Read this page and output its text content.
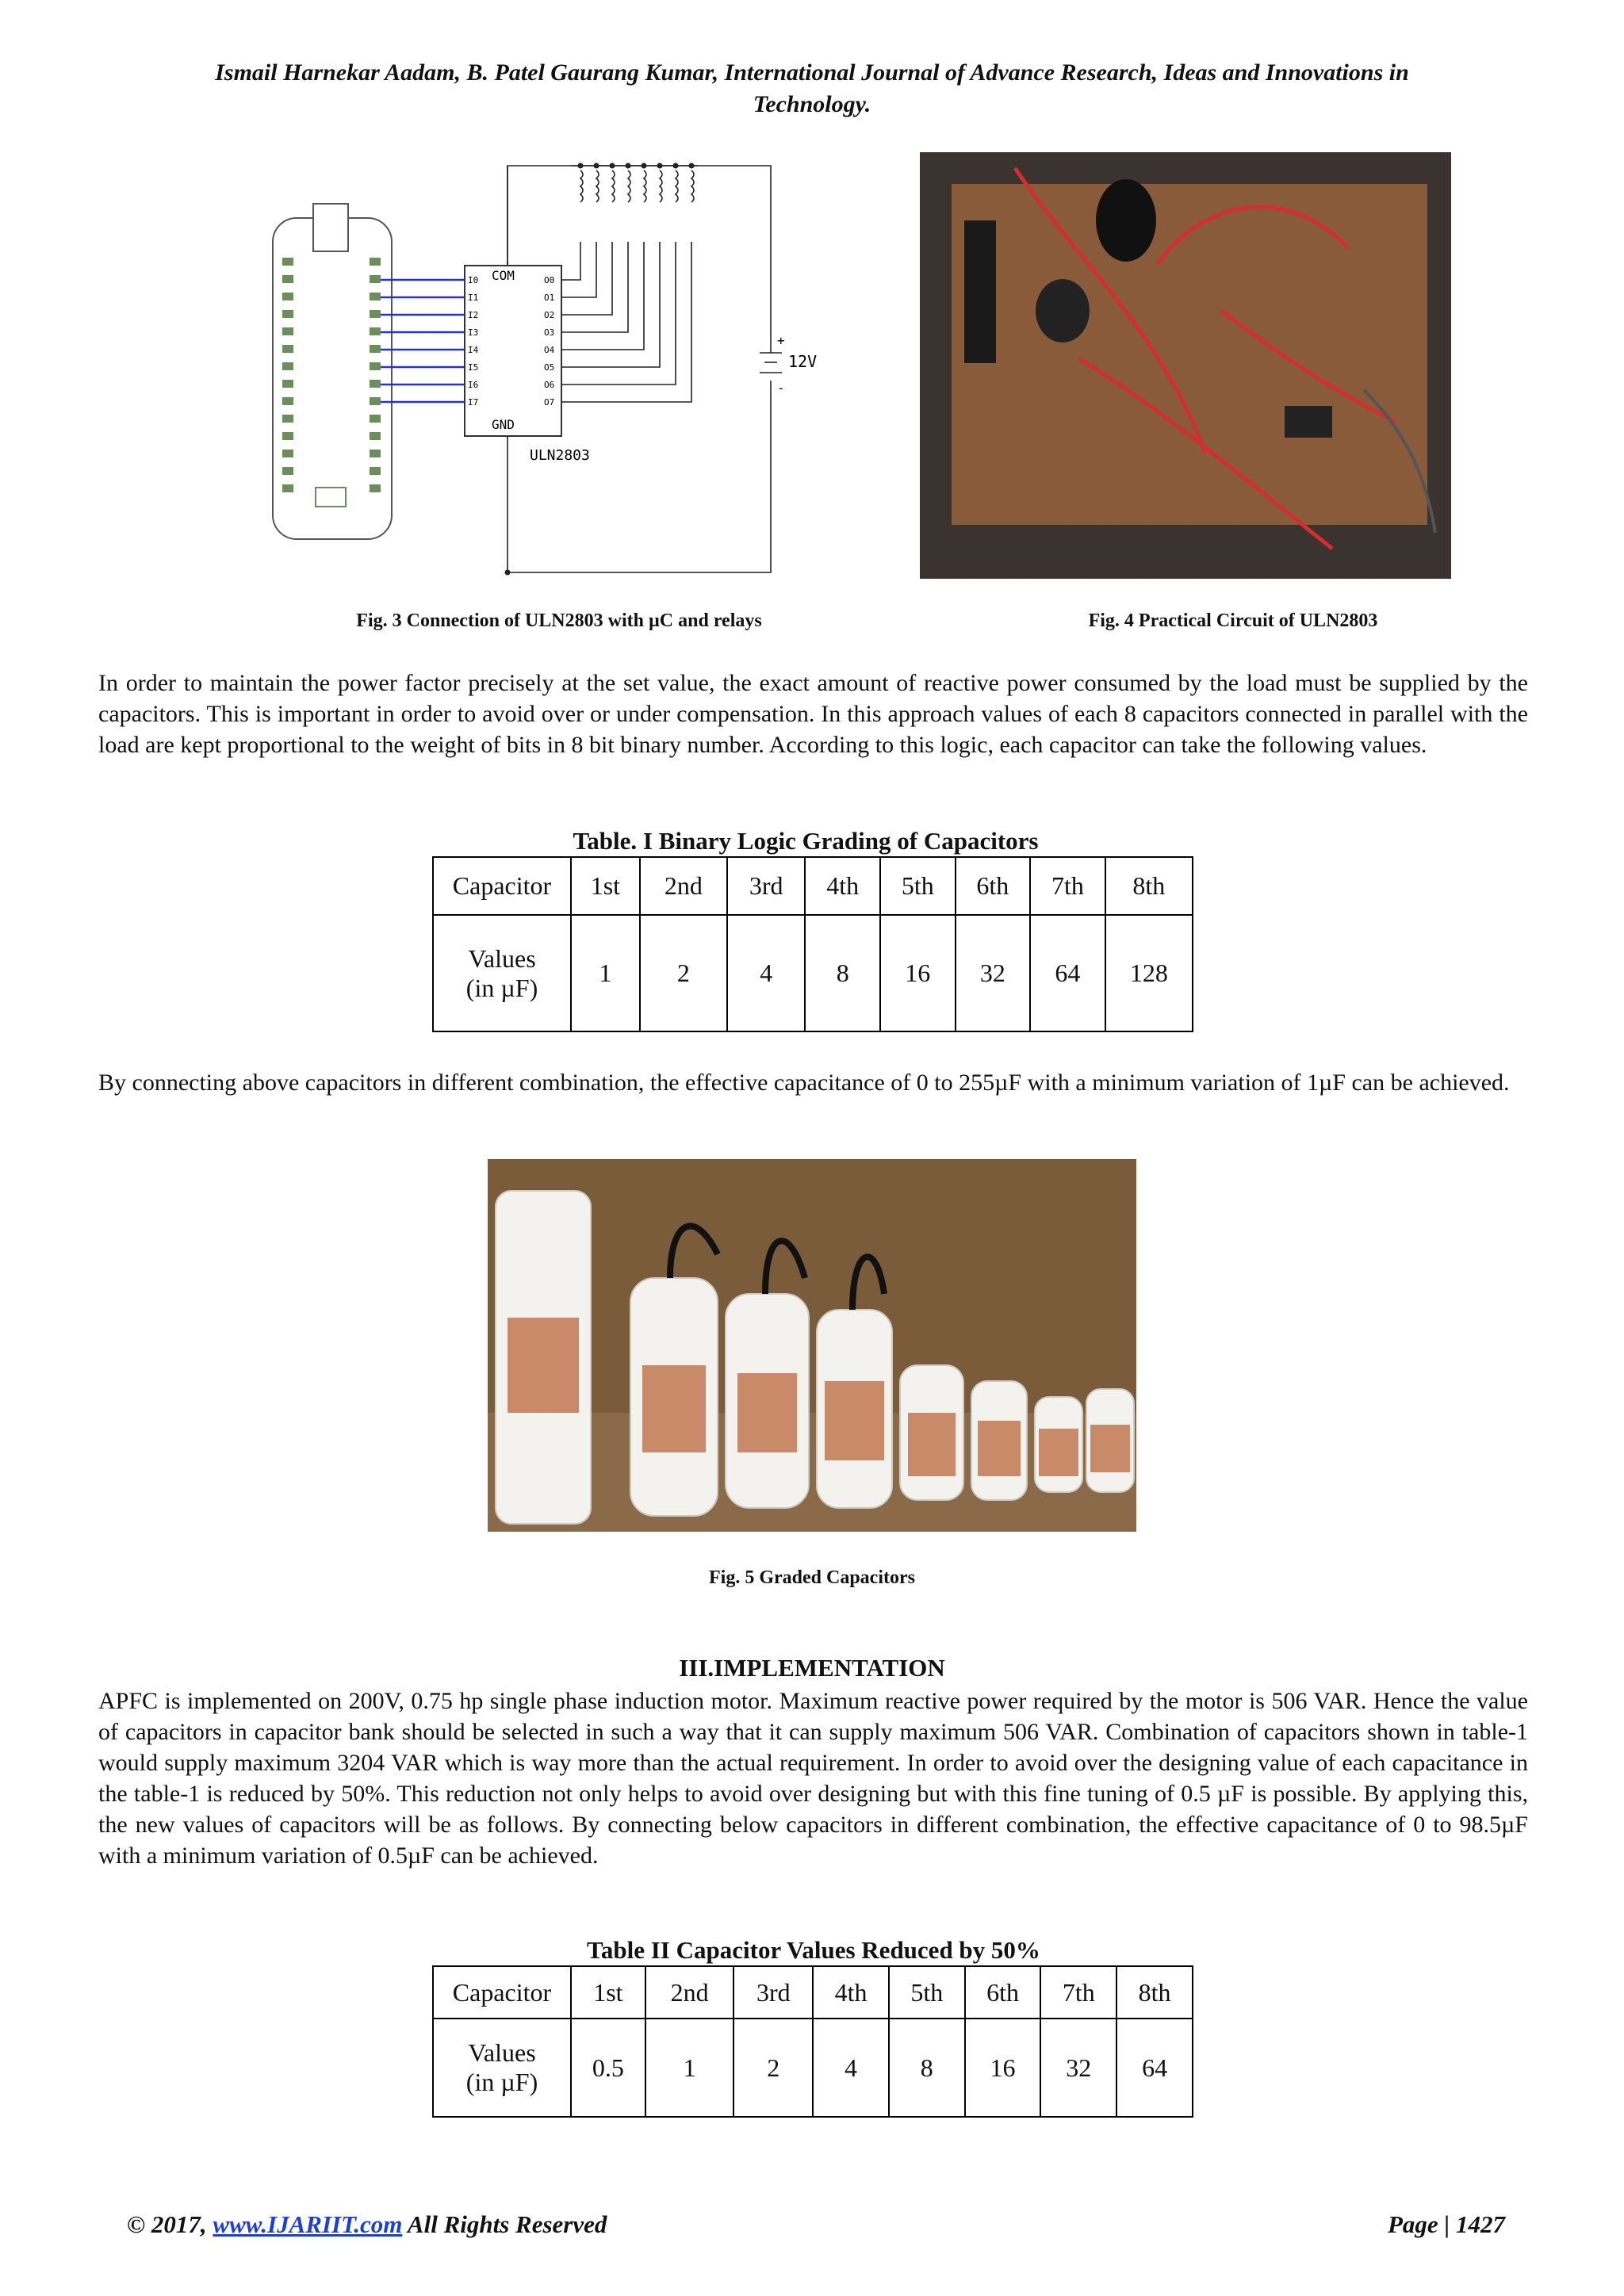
Ismail Harnekar Aadam, B. Patel Gaurang Kumar, International Journal of Advance Research, Ideas and Innovations in
Technology.
COM
GND
ULN2803
I0
I1
I2
I3
I4
I5
I6
I7
O0
O1
O2
O3
O4
O5
O6
O7
+
12V
-
Fig. 3 Connection of ULN2803 with µC and relays	Fig. 4 Practical Circuit of ULN2803
In order to maintain the power factor precisely at the set value, the exact amount of reactive power consumed by the load must be supplied by the capacitors. This is important in order to avoid over or under compensation. In this approach values of each 8 capacitors connected in parallel with the load are kept proportional to the weight of bits in 8 bit binary number. According to this logic, each capacitor can take the following values.
Table. I Binary Logic Grading of Capacitors
Capacitor	1st	2nd	3rd	4th	5th	6th	7th	8th

Values
(in µF)	1	2	4	8	16	32	64	128
By connecting above capacitors in different combination, the effective capacitance of 0 to 255µF with a minimum variation of 1µF can be achieved.
Fig. 5 Graded Capacitors
III.IMPLEMENTATION
APFC is implemented on 200V, 0.75 hp single phase induction motor. Maximum reactive power required by the motor is 506 VAR. Hence the value of capacitors in capacitor bank should be selected in such a way that it can supply maximum 506 VAR. Combination of capacitors shown in table-1 would supply maximum 3204 VAR which is way more than the actual requirement. In order to avoid over the designing value of each capacitance in the table-1 is reduced by 50%. This reduction not only helps to avoid over designing but with this fine tuning of 0.5 µF is possible. By applying this, the new values of capacitors will be as follows. By connecting below capacitors in different combination, the effective capacitance of 0 to 98.5µF with a minimum variation of 0.5µF can be achieved.
Table II Capacitor Values Reduced by 50%
Capacitor	1st	2nd	3rd	4th	5th	6th	7th	8th

Values
(in µF)	0.5	1	2	4	8	16	32	64
© 2017, www.IJARIIT.com All Rights Reserved	Page | 1427
